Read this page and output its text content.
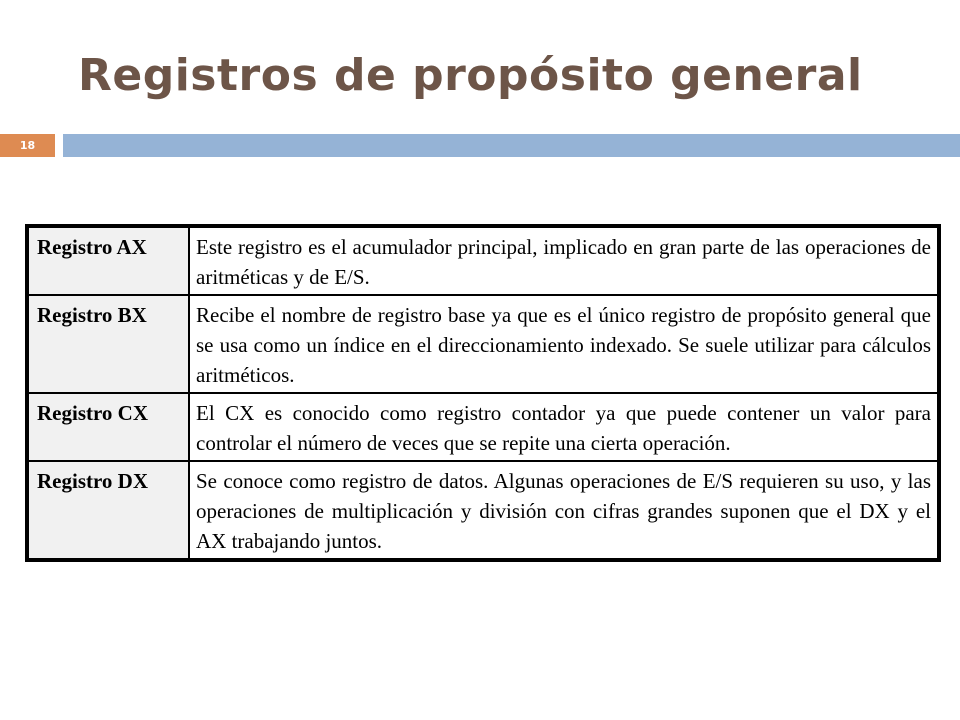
Registros de propósito general
18
Registro AX	Este registro es el acumulador principal, implicado en gran parte de las operaciones de aritméticas y de E/S.
Registro BX	Recibe el nombre de registro base ya que es el único registro de propósito general que se usa como un índice en el direccionamiento indexado. Se suele utilizar para cálculos aritméticos.
Registro CX	El CX es conocido como registro contador ya que puede contener un valor para controlar el número de veces que se repite una cierta operación.
Registro DX	Se conoce como registro de datos. Algunas operaciones de E/S requieren su uso, y las operaciones de multiplicación y división con cifras grandes suponen que el DX y el AX trabajando juntos.
